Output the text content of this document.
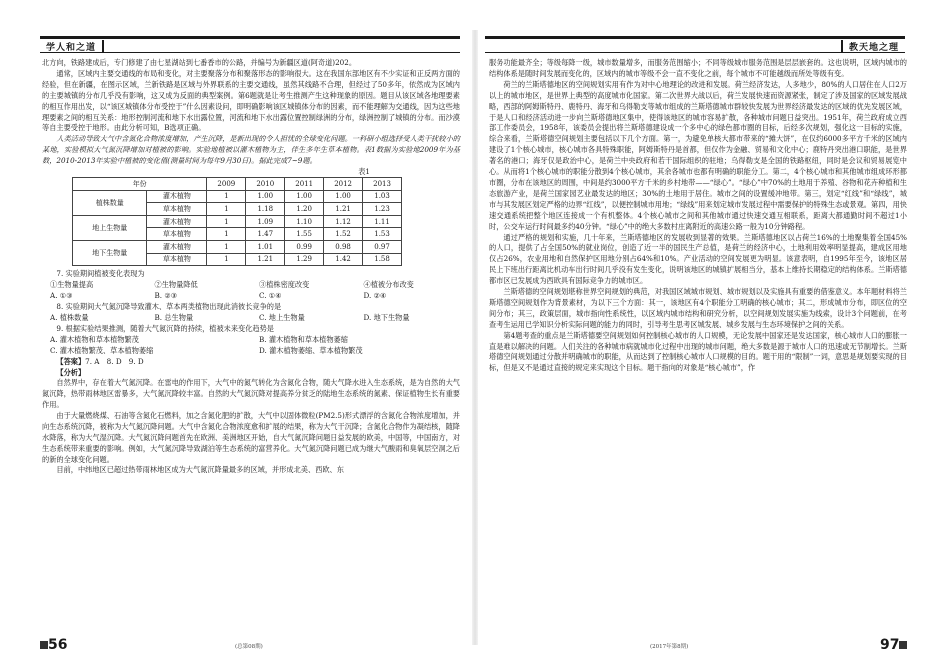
学人和之道

北方向，铁路建成后，专门修建了由七星湖站到七番香市的公路，并编号为新疆区道(阿奇道)202。

通常，区域内主要交通线的布局和变化，对主要聚落分布和聚落形态的影响很大。这在我国东部地区有不少实证和正反两方面的经验，但在新疆，在图示区域，兰新铁路是区域与外界联系的主要交通线，虽然其线路不合理，但经过了50多年，依然成为区域内的主要城镇的分布几乎没有影响，这又成为反面的典型案例。第6题就是让考生推测产生这种现象的原因。题目从该区域各地理要素的相互作用出发，以“该区城镇体分布受控于”什么因素设问，即明确影响该区城镇体分布的因素，而不能理解为交通线，因为这些地理要素之间的相互关系：地形控制河流和地下水出露位置，河流和地下水出露位置控制绿洲的分布，绿洲控制了城镇的分布。而沙漠等自主要受控于地形。由此分析可知，B选项正确。

人类活动导致大气中含氮化合物浓度增加，产生沉降，是新出现的令人担忧的全球变化问题。一科研小组选择受人类干扰较小的某地，实验模拟大气氮沉降增加对植被的影响。实验地植被以灌木植物为主，伴生多年生草本植物。表1数据为实验地2009年为基数，2010-2013年实验中植被的变化值(测量时间为每年9月30日)。据此完成7~9题。

表1
年份		2009	2010	2011	2012	2013
植株数量	灌木植物	1	1.00	1.00	1.00	1.03
	草本植物	1	1.18	1.20	1.21	1.23
地上生物量	灌木植物	1	1.09	1.10	1.12	1.11
	草本植物	1	1.47	1.55	1.52	1.53
地下生物量	灌木植物	1	1.01	0.99	0.98	0.97
	草本植物	1	1.21	1.29	1.42	1.58

7. 实验期间植被变化表现为

①生物量提高	②生物量降低	③植株密度改变	④植被分布改变
A. ①③	B. ②③	C. ①④	D. ②④

8. 实验期间大气氮沉降导致灌木、草本两类植物出现此消彼长竞争的是

A. 植株数量	B. 总生物量	C. 地上生物量	D. 地下生物量

9. 根据实验结果推测，随着大气氮沉降的持续，植被未来变化趋势是

A. 灌木植物和草本植物繁茂	B. 灌木植物和草本植物萎缩
C. 灌木植物繁茂、草本植物萎缩	D. 灌木植物萎缩、草本植物繁茂

【答案】7. A　8. D　9. D

【分析】

自然界中，存在着大气氮沉降。在雷电的作用下，大气中的氮气转化为含氮化合物，随大气降水进入生态系统，是为自然的大气氮沉降，热带雨林地区雷暴多，大气氮沉降较丰富。自然的大气氮沉降对提高养分贫乏的陆地生态系统的氮素、保证植物生长有重要作用。

由于大量燃烧煤、石油等含氮化石燃料，加之含氮化肥的扩散，大气中以固体微粒(PM2.5)形式漂浮的含氮化合物浓度增加，并向生态系统沉降，被称为大气氮沉降问题。大气中含氮化合物浓度愈和扩展的结果，称为大气干沉降；含氮化合物作为凝结核，随降水降落，称为大气湿沉降。大气氮沉降问题首先在欧洲、美洲地区开始，自大气氮沉降问题日益发展的欧美，中国等，中国南方，对生态系统带来重要的影响。例如，大气氮沉降导致湖泊等生态系统的富营养化。大气氮沉降问题已成为继大气酸雨和臭氧层空洞之后的新的全球变化问题。

目前，中纬地区已超过热带雨林地区成为大气氮沉降量最多的区域，并形成北美、西欧、东

56	(总第08期)
教天地之理

服务功能最齐全；等级每降一级，城市数量增多，而服务范围缩小；不同等级城市服务范围是层层嵌套的。这也说明，区域内城市的结构体系是随时间发展而变化的，区域内的城市等级不会一直不变化之前，每个城市不可能越级而所处等级有变。

荷兰的兰斯塔德地区的空间规划实用有作为对中心地理论的改进和发展。荷兰经济发达，人多地少，80%的人口居住在人口2万以上的城市地区，是世界上典型的高度城市化国家。第二次世界大战以后，荷兰发展快速而资源紧张，制定了涉及国家的区域发展战略，西部的阿姆斯特丹、鹿特丹、海牙和乌得勒支等城市组成的兰斯塔德城市群较快发展为世界经济最发达的区域的优先发展区域，于是人口和经济活动进一步向兰斯塔德地区集中，使得该地区的城市容易扩散，各种城市问题日益突出。1951年，荷兰政府成立西部工作委员会，1958年，该委员会提出将兰斯塔德建设成一个多中心的绿色都市圈的目标，后经多次规划，强化这一目标的实施，综合来看，兰斯塔德空间规划主要包括以下几个方面。第一，为避免单核大都市带来的“摊大饼”，在仅约6000多平方千米的区域内建设了1个核心城市，核心城市各具特殊职能，阿姆斯特丹是首都，但仅作为金融、贸易和文化中心；鹿特丹突出港口职能，是世界著名的港口；海牙仅是政治中心，是荷兰中央政府和若干国际组织的驻地；乌得勒支是全国的铁路枢纽，同时是会议和贸易展览中心。从而将1个核心城市的职能分散到4个核心城市，其余各城市也都有明确的职能分工。第二，4个核心城市和其他城市组成环形都市圈，分布在该地区的周围，中间是约3000平方千米的乡村地带——“绿心”。“绿心”中70%的土地用于养殖、谷物和花卉种植和生态旅游产业，是荷兰国家园艺业最发达的地区；30%的土地用于居住。城市之间的设置缓冲地带。第三，划定“红线”和“绿线”，城市与其发展区划定严格的边界“红线”，以便控制城市用地；“绿线”用来划定城市发展过程中需要保护的特殊生态或景观。第四，用快速交通系统把整个地区连接成一个有机整体。4个核心城市之间和其他城市通过快速交通互相联系，距离大都通勤时间不超过1小时，公交车运行时间最多约40分钟。“绿心”中的绝大多数村庄离附近的高速公路一般为10分钟路程。

通过严格的规划和实施，几十年来，兰斯塔德地区的发展收到显著的效果。兰斯塔德地区以占荷兰16%的土地聚集着全国45%的人口，提供了占全国50%的就业岗位，创造了近一半的国民生产总值，是荷兰的经济中心，土地利用效率明显提高，建成区用地仅占26%，农业用地和自然保护区用地分别占64%和10%。产业活动的空间发展更为明显。该意表明，自1995年至今，该地区居民上下班出行距离比机动车出行时间几乎没有发生变化，说明该地区的城镇扩展相当分，基本上维持长期稳定的结构体系。兰斯塔德都市区已发展成为西欧具有国际竞争力的城市区。

兰斯塔德的空间规划堪称世界空间规划的典范，对我国区域城市规划、城市规划以及实施具有重要的借鉴意义。本年题材料将兰斯塔德空间规划作为背景素材，为以下三个方面：其一，该地区有4个职能分工明确的核心城市；其二，形成城市分布，即区位的空间分布；其三，政策层面，城市指向性系统性，以区域内城市结构和研究分析，以空间规划发展实施为线索，设计3个问题前，在考查考生运用已学知识分析实际问题的能力的同时，引导考生思考区城发展、城乡发展与生态环境保护之间的关系。

第4题考查的重点是兰斯塔德要空间规划如何控制核心城市的人口规模，无论发展中国家还是发达国家，核心城市人口的膨胀一直是难以解决的问题。人们关注的各种城市病就城市化过程中出现的城市问题，绝大多数是源于城市人口的迅速或无节制增长。兰斯塔德空间规划通过分散并明确城市的职能，从而达到了控制核心城市人口规模的目的。题干用的“限制”一词，意思是规划要实现的目标，但是又不是通过直接的规定来实现这个目标。题干指向的对象是“核心城市”，作

(2017年第8期)	97
